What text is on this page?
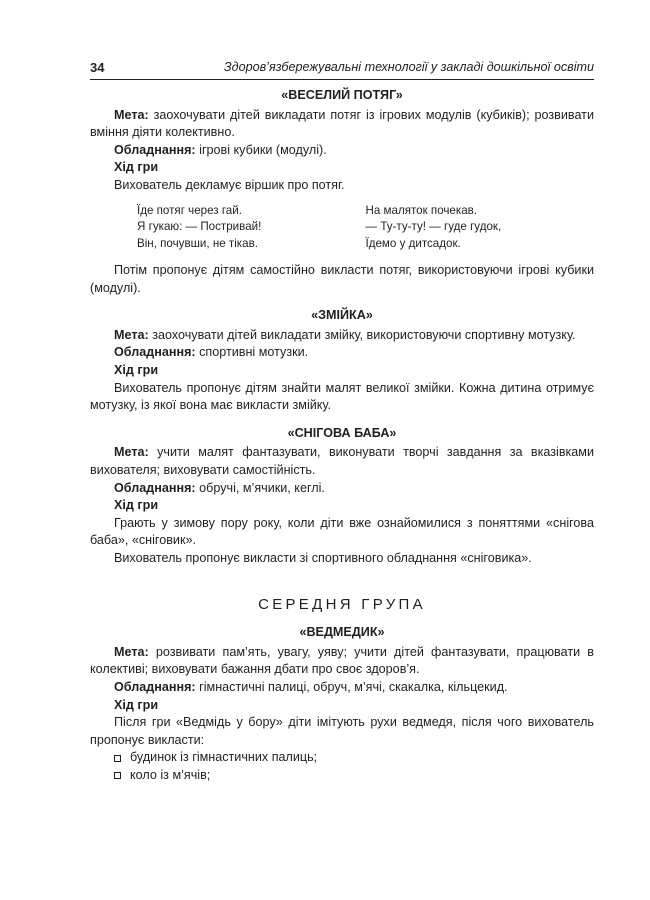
34	Здоров’язбережувальні технології у закладі дошкільної освіти

«ВЕСЕЛИЙ ПОТЯГ»

Мета: заохочувати дітей викладати потяг із ігрових модулів (кубиків); розвивати вміння діяти колективно.

Обладнання: ігрові кубики (модулі).

Хід гри

Вихователь декламує віршик про потяг.

Їде потяг через гай.

Я гукаю: — Постривай!

Він, почувши, не тікав.

На маляток почекав.

— Ту-ту-ту! — гуде гудок,

Їдемо у дитсадок.

Потім пропонує дітям самостійно викласти потяг, використовуючи ігрові кубики (модулі).

«ЗМІЙКА»

Мета: заохочувати дітей викладати змійку, використовуючи спортивну мотузку.

Обладнання: спортивні мотузки.

Хід гри

Вихователь пропонує дітям знайти малят великої змійки. Кожна дитина отримує мотузку, із якої вона має викласти змійку.

«СНІГОВА БАБА»

Мета: учити малят фантазувати, виконувати творчі завдання за вказівками вихователя; виховувати самостійність.

Обладнання: обручі, м’ячики, кеглі.

Хід гри

Грають у зимову пору року, коли діти вже ознайомилися з поняттями «снігова баба», «сніговик».

Вихователь пропонує викласти зі спортивного обладнання «сніговика».

СЕРЕДНЯ ГРУПА

«ВЕДМЕДИК»

Мета: розвивати пам’ять, увагу, уяву; учити дітей фантазувати, працювати в колективі; виховувати бажання дбати про своє здоров’я.

Обладнання: гімнастичні палиці, обруч, м’ячі, скакалка, кільцекид.

Хід гри

Після гри «Ведмідь у бору» діти імітують рухи ведмедя, після чого вихователь пропонує викласти:

будинок із гімнастичних палиць;

коло із м’ячів;
